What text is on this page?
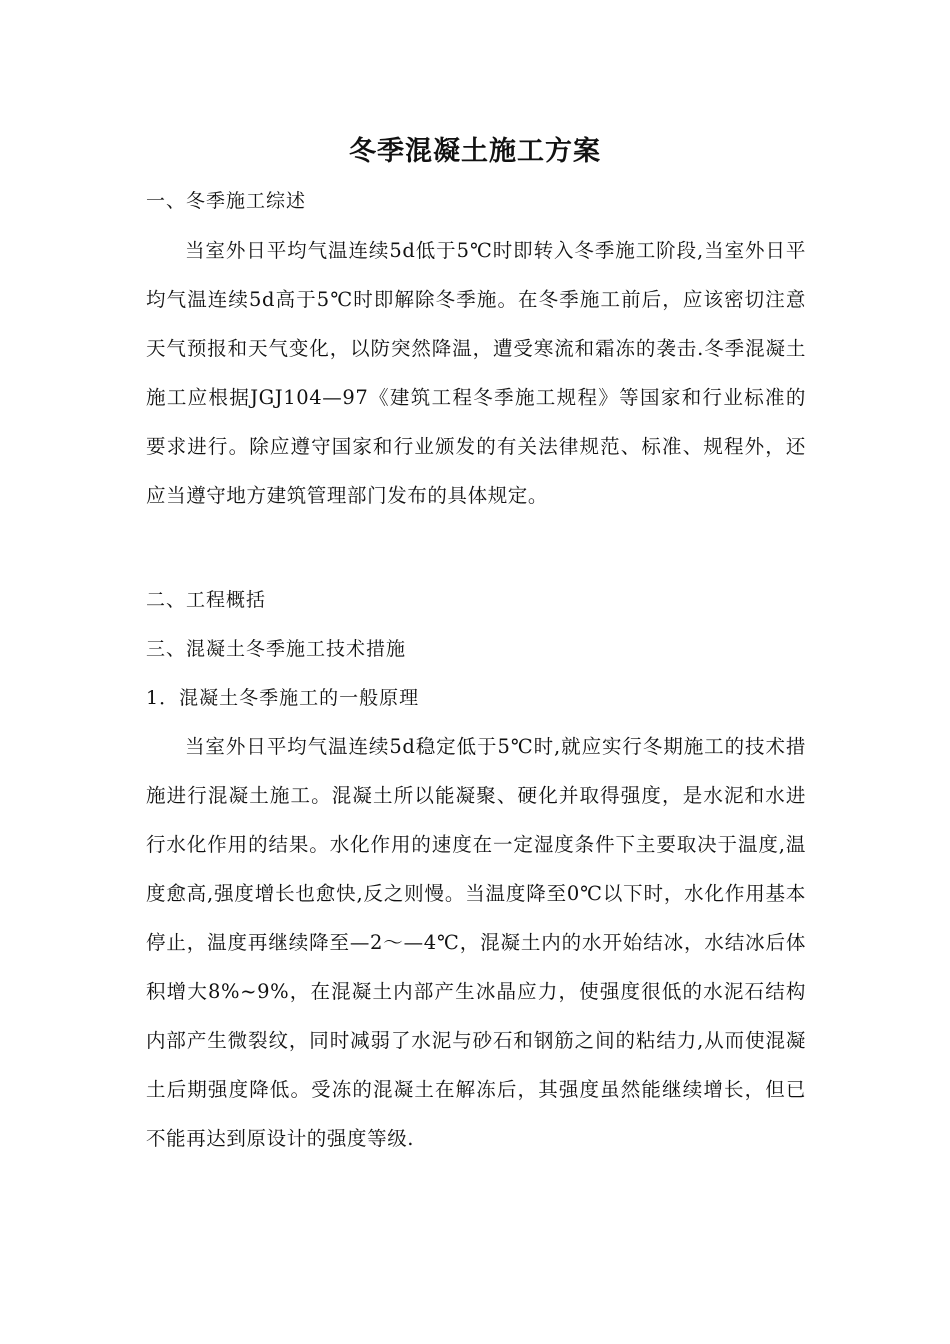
冬季混凝土施工方案
一、冬季施工综述
当室外日平均气温连续5d低于5℃时即转入冬季施工阶段,当室外日平均气温连续5d高于5℃时即解除冬季施。在冬季施工前后，应该密切注意天气预报和天气变化，以防突然降温，遭受寒流和霜冻的袭击.冬季混凝土施工应根据JGJ104—97《建筑工程冬季施工规程》等国家和行业标准的要求进行。除应遵守国家和行业颁发的有关法律规范、标准、规程外，还应当遵守地方建筑管理部门发布的具体规定。
二、工程概括
三、混凝土冬季施工技术措施
1．混凝土冬季施工的一般原理
当室外日平均气温连续5d稳定低于5℃时,就应实行冬期施工的技术措施进行混凝土施工。混凝土所以能凝聚、硬化并取得强度，是水泥和水进行水化作用的结果。水化作用的速度在一定湿度条件下主要取决于温度,温度愈高,强度增长也愈快,反之则慢。当温度降至0℃以下时，水化作用基本停止，温度再继续降至—2～—4℃，混凝土内的水开始结冰，水结冰后体积增大8%~9%，在混凝土内部产生冰晶应力，使强度很低的水泥石结构内部产生微裂纹，同时减弱了水泥与砂石和钢筋之间的粘结力,从而使混凝土后期强度降低。受冻的混凝土在解冻后，其强度虽然能继续增长，但已不能再达到原设计的强度等级.
